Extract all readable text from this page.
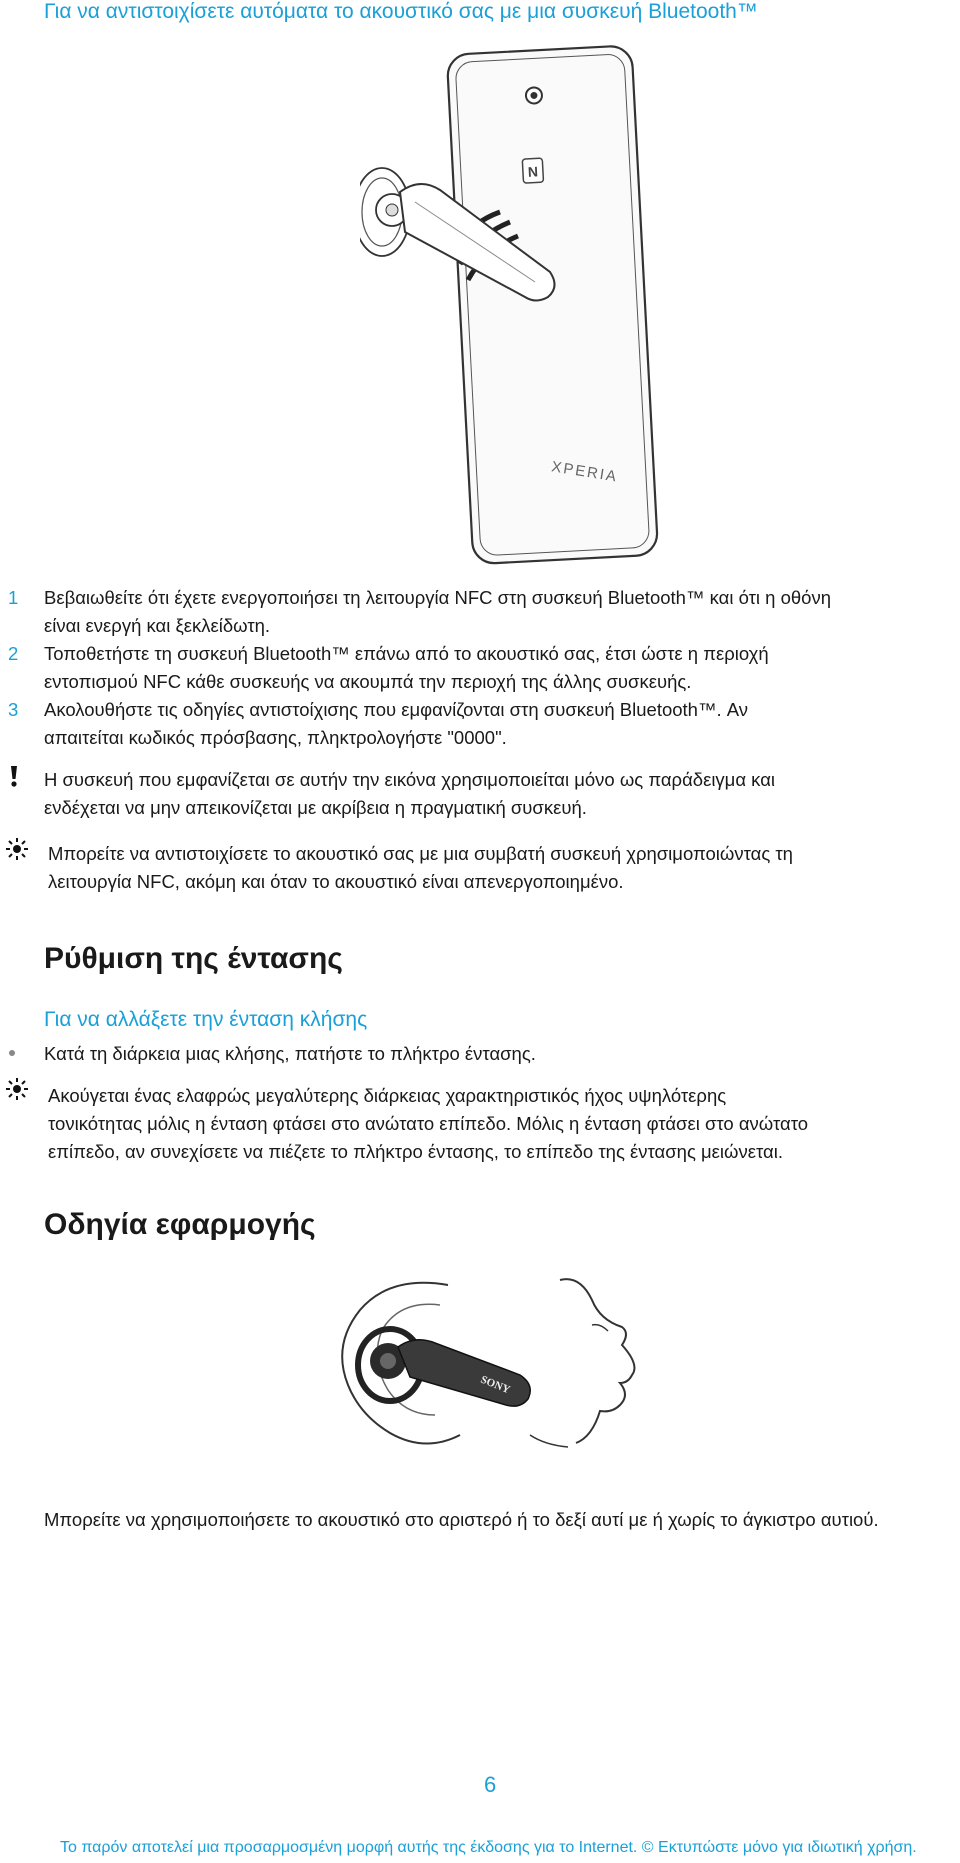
Για να αντιστοιχίσετε αυτόματα το ακουστικό σας με μια συσκευή Bluetooth™
N
XPERIA
1 Βεβαιωθείτε ότι έχετε ενεργοποιήσει τη λειτουργία NFC στη συσκευή Bluetooth™ και ότι η οθόνη
είναι ενεργή και ξεκλείδωτη.
2 Τοποθετήστε τη συσκευή Bluetooth™ επάνω από το ακουστικό σας, έτσι ώστε η περιοχή
εντοπισμού NFC κάθε συσκευής να ακουμπά την περιοχή της άλλης συσκευής.
3 Ακολουθήστε τις οδηγίες αντιστοίχισης που εμφανίζονται στη συσκευή Bluetooth™. Αν
απαιτείται κωδικός πρόσβασης, πληκτρολογήστε "0000".
Η συσκευή που εμφανίζεται σε αυτήν την εικόνα χρησιμοποιείται μόνο ως παράδειγμα και
ενδέχεται να μην απεικονίζεται με ακρίβεια η πραγματική συσκευή.
Μπορείτε να αντιστοιχίσετε το ακουστικό σας με μια συμβατή συσκευή χρησιμοποιώντας τη
λειτουργία NFC, ακόμη και όταν το ακουστικό είναι απενεργοποιημένο.
Ρύθμιση της έντασης
Για να αλλάξετε την ένταση κλήσης
Κατά τη διάρκεια μιας κλήσης, πατήστε το πλήκτρο έντασης.
Ακούγεται ένας ελαφρώς μεγαλύτερης διάρκειας χαρακτηριστικός ήχος υψηλότερης
τονικότητας μόλις η ένταση φτάσει στο ανώτατο επίπεδο. Μόλις η ένταση φτάσει στο ανώτατο
επίπεδο, αν συνεχίσετε να πιέζετε το πλήκτρο έντασης, το επίπεδο της έντασης μειώνεται.
Οδηγία εφαρμογής
SONY
Μπορείτε να χρησιμοποιήσετε το ακουστικό στο αριστερό ή το δεξί αυτί με ή χωρίς το άγκιστρο αυτιού.
6
Το παρόν αποτελεί μια προσαρμοσμένη μορφή αυτής της έκδοσης για το Internet. © Εκτυπώστε μόνο για ιδιωτική χρήση.
